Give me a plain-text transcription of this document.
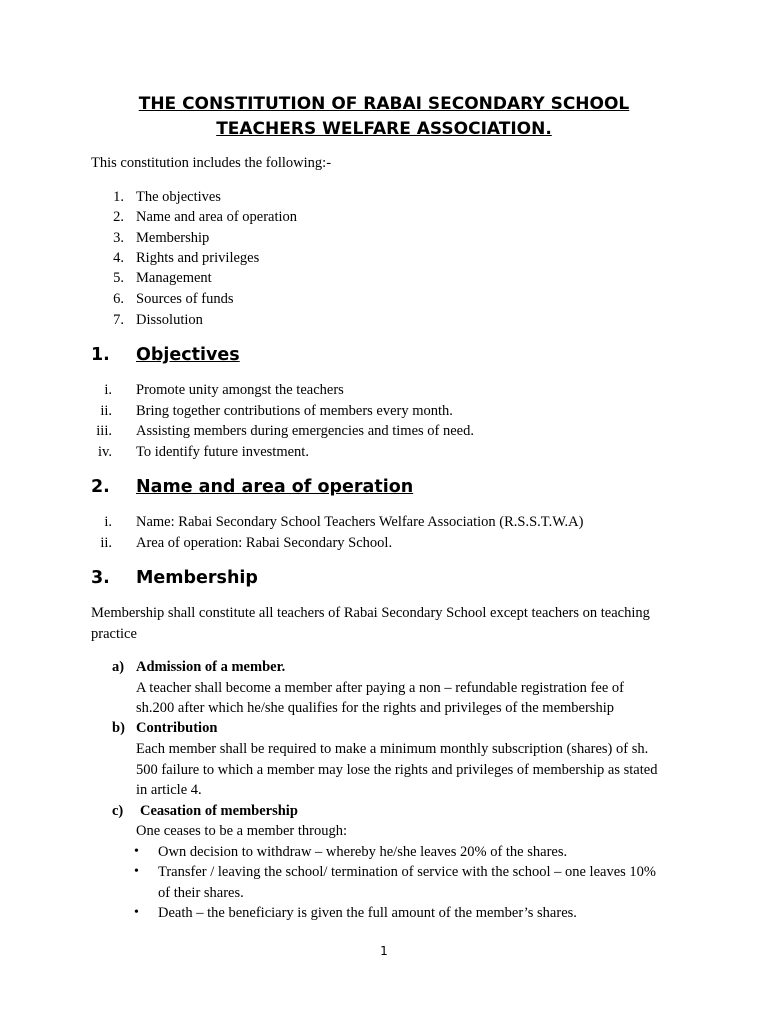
THE CONSTITUTION OF RABAI SECONDARY SCHOOL
TEACHERS WELFARE ASSOCIATION.
This constitution includes the following:-
1. The objectives
2. Name and area of operation
3. Membership
4. Rights and privileges
5. Management
6. Sources of funds
7. Dissolution
1. Objectives
i. Promote unity amongst the teachers
ii. Bring together contributions of members every month.
iii. Assisting members during emergencies and times of need.
iv. To identify future investment.
2. Name and area of operation
i. Name: Rabai Secondary School Teachers Welfare Association (R.S.S.T.W.A)
ii. Area of operation: Rabai Secondary School.
3. Membership
Membership shall constitute all teachers of Rabai Secondary School except teachers on teaching
practice
a) Admission of a member.
A teacher shall become a member after paying a non – refundable registration fee of
sh.200 after which he/she qualifies for the rights and privileges of the membership
b) Contribution
Each member shall be required to make a minimum monthly subscription (shares) of sh.
500 failure to which a member may lose the rights and privileges of membership as stated
in article 4.
c) Ceasation of membership
One ceases to be a member through:
• Own decision to withdraw – whereby he/she leaves 20% of the shares.
• Transfer / leaving the school/ termination of service with the school – one leaves 10%
of their shares.
• Death – the beneficiary is given the full amount of the member’s shares.
1
